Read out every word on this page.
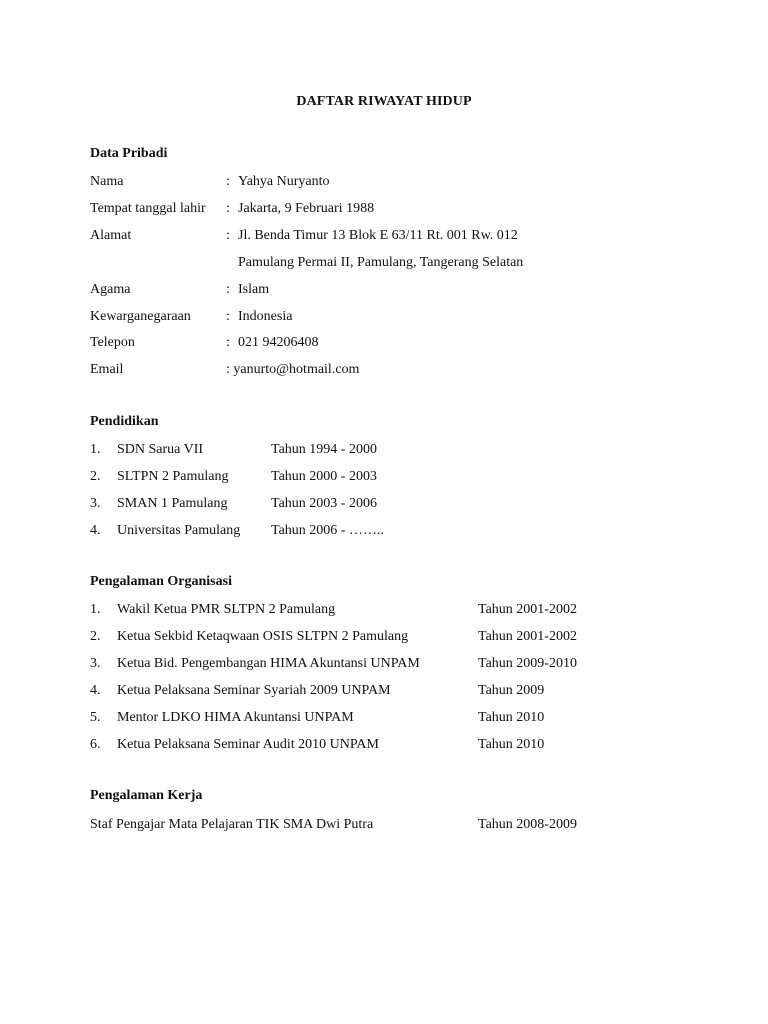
DAFTAR RIWAYAT HIDUP
Data Pribadi
Nama	: Yahya Nuryanto
Tempat tanggal lahir : Jakarta, 9 Februari 1988
Alamat	: Jl. Benda Timur 13 Blok E 63/11 Rt. 001 Rw. 012
Pamulang Permai II, Pamulang, Tangerang Selatan
Agama	: Islam
Kewarganegaraan	: Indonesia
Telepon	: 021 94206408
Email	: yanurto@hotmail.com
Pendidikan
1. SDN Sarua VII	Tahun 1994 - 2000
2. SLTPN 2 Pamulang	Tahun 2000 - 2003
3. SMAN 1 Pamulang	Tahun 2003 - 2006
4. Universitas Pamulang Tahun 2006 - ……..
Pengalaman Organisasi
1. Wakil Ketua PMR SLTPN 2 Pamulang	Tahun 2001-2002
2. Ketua Sekbid Ketaqwaan OSIS SLTPN 2 Pamulang	Tahun 2001-2002
3. Ketua Bid. Pengembangan HIMA Akuntansi UNPAM	Tahun 2009-2010
4. Ketua Pelaksana Seminar Syariah 2009 UNPAM	Tahun 2009
5. Mentor LDKO HIMA Akuntansi UNPAM	Tahun 2010
6. Ketua Pelaksana Seminar Audit 2010 UNPAM	Tahun 2010
Pengalaman Kerja
Staf Pengajar Mata Pelajaran TIK SMA Dwi Putra	Tahun 2008-2009
